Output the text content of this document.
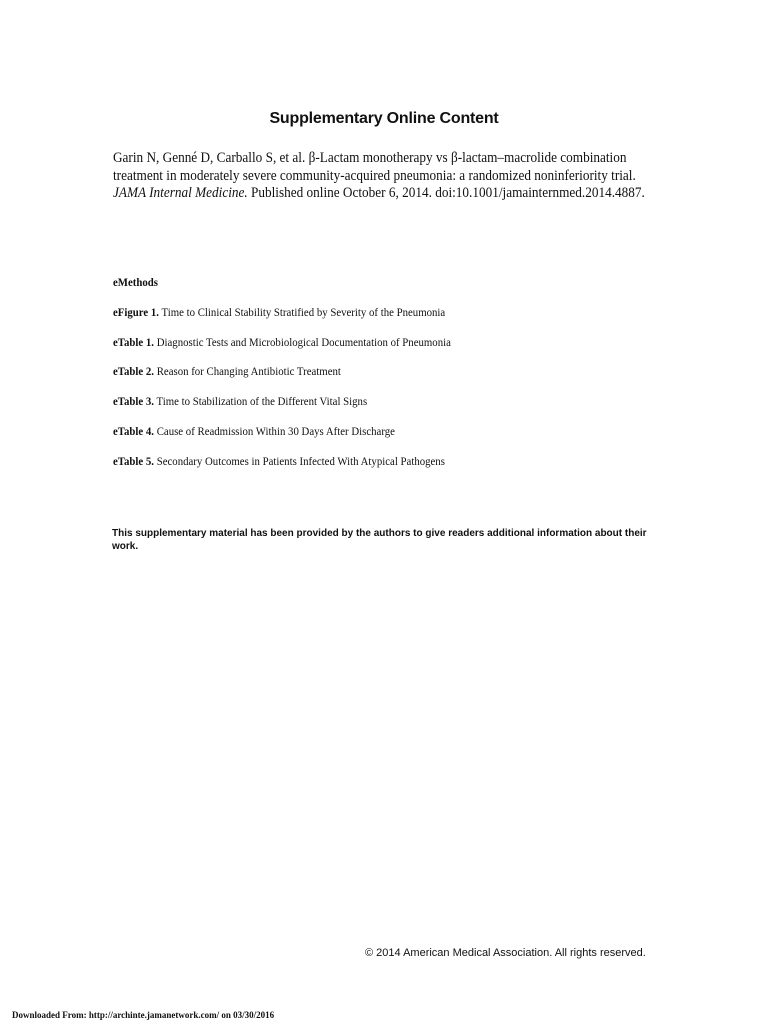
Supplementary Online Content

Garin N, Genné D, Carballo S, et al. β-Lactam monotherapy vs β-lactam–macrolide combination treatment in moderately severe community-acquired pneumonia: a randomized noninferiority trial. JAMA Internal Medicine. Published online October 6, 2014. doi:10.1001/jamainternmed.2014.4887.

eMethods
eFigure 1. Time to Clinical Stability Stratified by Severity of the Pneumonia
eTable 1. Diagnostic Tests and Microbiological Documentation of Pneumonia
eTable 2. Reason for Changing Antibiotic Treatment
eTable 3. Time to Stabilization of the Different Vital Signs
eTable 4. Cause of Readmission Within 30 Days After Discharge
eTable 5. Secondary Outcomes in Patients Infected With Atypical Pathogens

This supplementary material has been provided by the authors to give readers additional information about their work.

© 2014 American Medical Association. All rights reserved.

Downloaded From: http://archinte.jamanetwork.com/ on 03/30/2016
